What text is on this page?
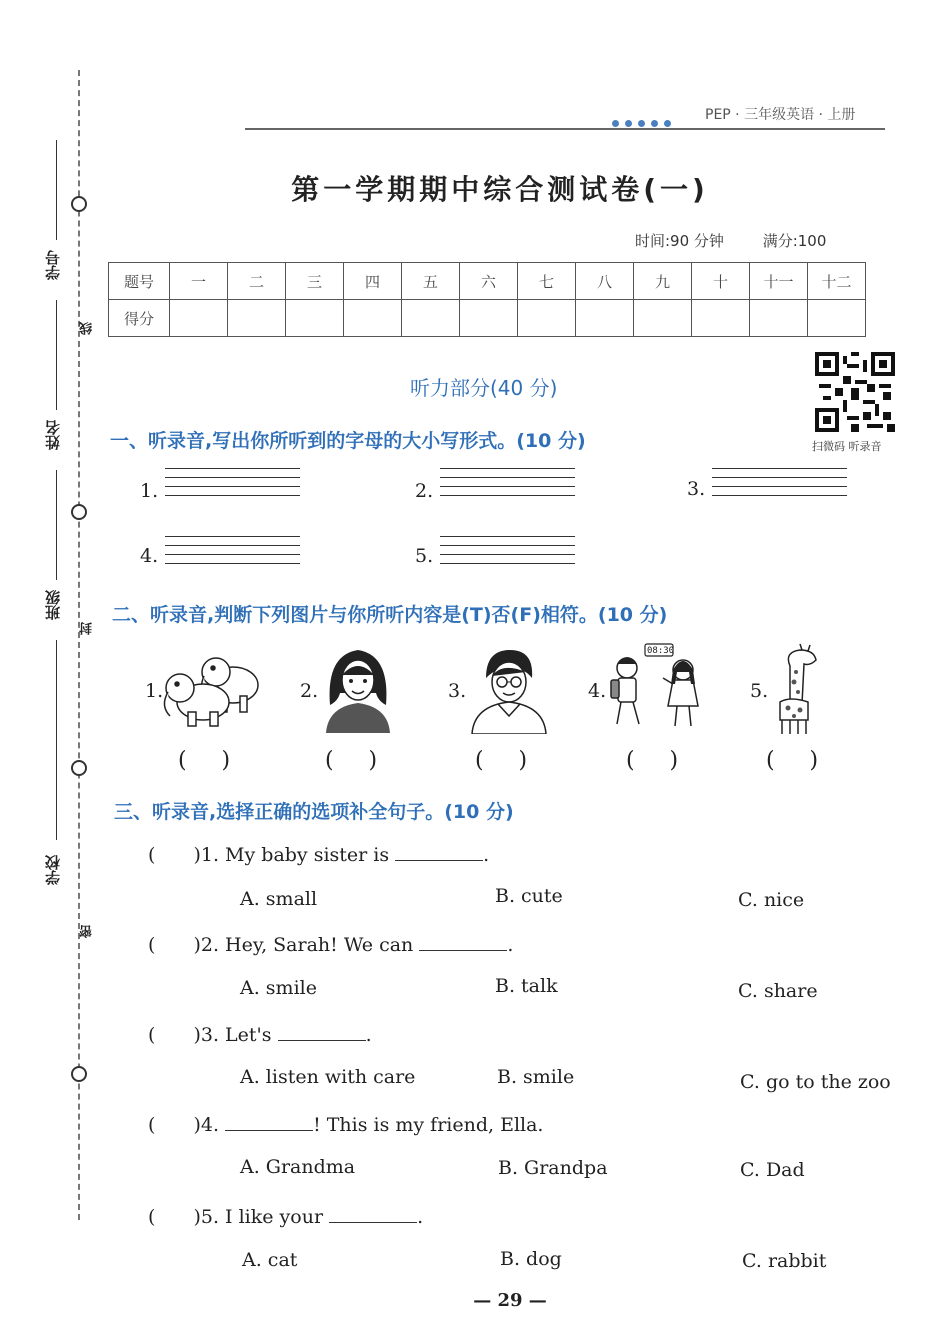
学号
姓名
班级
学校
线
封
密
PEP · 三年级英语 · 上册
第一学期期中综合测试卷(一)
时间:90 分钟	满分:100
题号	一	二	三	四	五	六	七	八	九	十	十一	十二
得分												
听力部分(40 分)
扫微码 听录音
一、听录音,写出你所听到的字母的大小写形式。(10 分)
1.	2.	3.
4.	5.
二、听录音,判断下列图片与你所听内容是(T)否(F)相符。(10 分)
1.	2.	3.	4.
08:30
5.
(     )	(     )	(     )	(     )	(     )
三、听录音,选择正确的选项补全句子。(10 分)
( )1. My baby sister is	.
A. small	B. cute	C. nice
( )2. Hey, Sarah! We can	.
A. smile	B. talk	C. share
( )3. Let's	.
A. listen with care	B. smile	C. go to the zoo
( )4.	! This is my friend, Ella.
A. Grandma	B. Grandpa	C. Dad
( )5. I like your	.
A. cat	B. dog	C. rabbit
— 29 —
